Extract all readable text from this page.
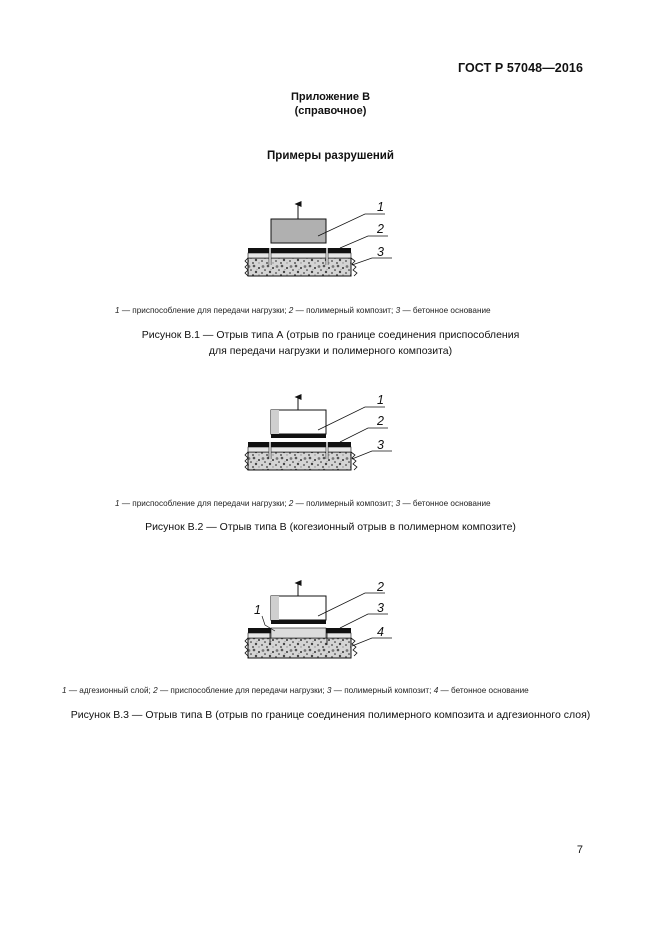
ГОСТ Р 57048—2016
Приложение В
(справочное)
Примеры разрушений
1
2
3
1
2
3
1
2
3
4
1 — приспособление для передачи нагрузки; 2 — полимерный композит; 3 — бетонное основание
Рисунок В.1 — Отрыв типа А (отрыв по границе соединения приспособления
для передачи нагрузки и полимерного композита)
1 — приспособление для передачи нагрузки; 2 — полимерный композит; 3 — бетонное основание
Рисунок В.2 — Отрыв типа В (когезионный отрыв в полимерном композите)
1 — адгезионный слой; 2 — приспособление для передачи нагрузки; 3 — полимерный композит; 4 — бетонное основание
Рисунок В.3 — Отрыв типа В (отрыв по границе соединения полимерного композита и адгезионного слоя)
7
